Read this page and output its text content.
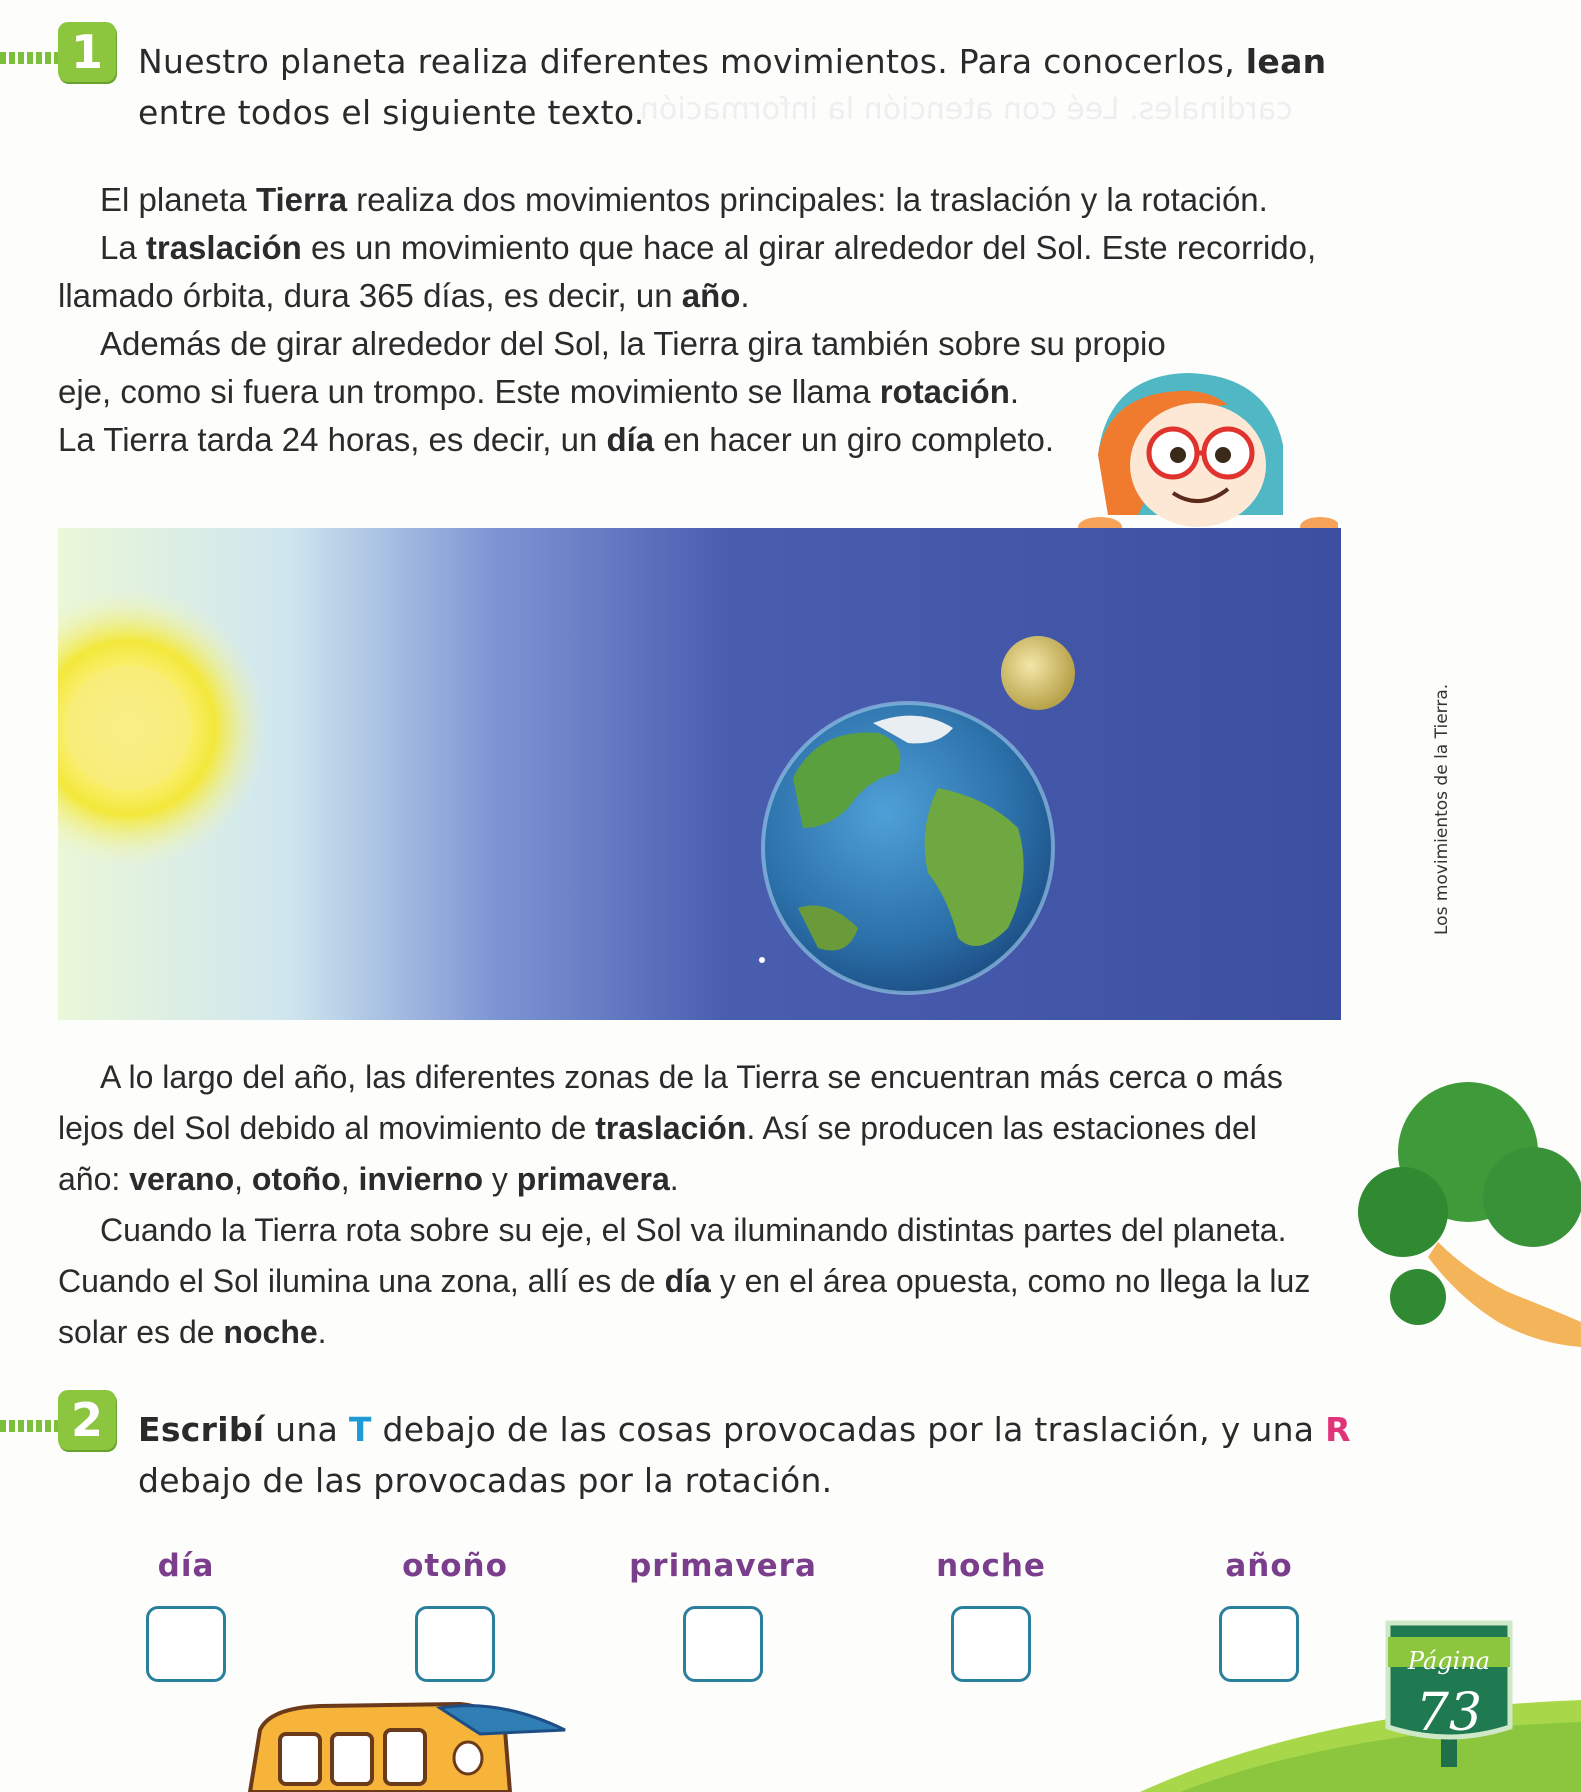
cardinales. Leé con atención la información
1	Nuestro planeta realiza diferentes movimientos. Para conocerlos, lean
entre todos el siguiente texto.

El planeta Tierra realiza dos movimientos principales: la traslación y la rotación.

La traslación es un movimiento que hace al girar alrededor del Sol. Este recorrido, llamado órbita, dura 365 días, es decir, un año.

Además de girar alrededor del Sol, la Tierra gira también sobre su propio eje, como si fuera un trompo. Este movimiento se llama rotación.

La Tierra tarda 24 horas, es decir, un día en hacer un giro completo.

Los movimientos de la Tierra.

A lo largo del año, las diferentes zonas de la Tierra se encuentran más cerca o más lejos del Sol debido al movimiento de traslación. Así se producen las estaciones del año: verano, otoño, invierno y primavera.

Cuando la Tierra rota sobre su eje, el Sol va iluminando distintas partes del planeta. Cuando el Sol ilumina una zona, allí es de día y en el área opuesta, como no llega la luz solar es de noche.

2	Escribí una T debajo de las cosas provocadas por la traslación, y una R
debajo de las provocadas por la rotación.
día	otoño	primavera	noche	año
Página
73
